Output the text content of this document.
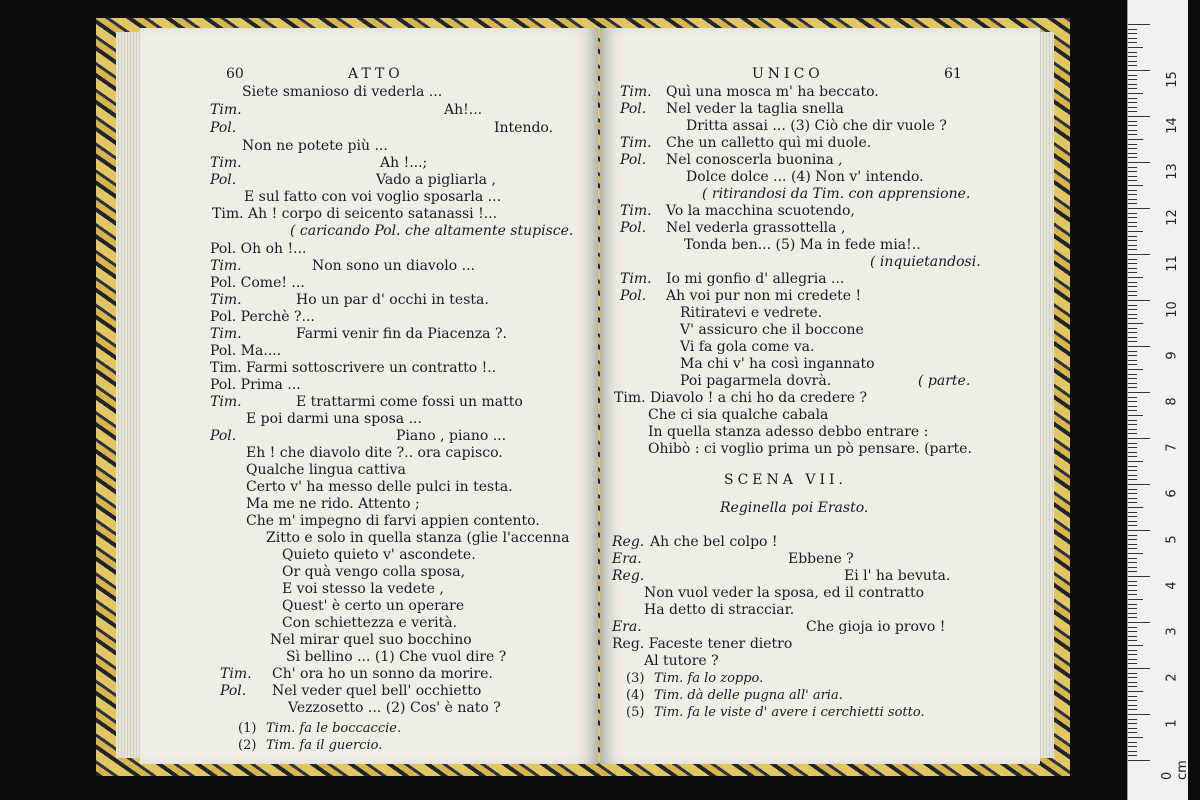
60	ATTO
Siete smanioso di vederla ...
Tim.	Ah!...
Pol.	Intendo.
Non ne potete più ...
Tim.	Ah !...;
Pol.	Vado a pigliarla ,
E sul fatto con voi voglio sposarla ...
Tim. Ah ! corpo di seicento satanassi !...
( caricando Pol. che altamente stupisce.
Pol. Oh oh !...
Tim.	Non sono un diavolo ...
Pol. Come! ...
Tim.	Ho un par d' occhi in testa.
Pol. Perchè ?...
Tim.	Farmi venir fin da Piacenza ?.
Pol. Ma....
Tim. Farmi sottoscrivere un contratto !..
Pol. Prima ...
Tim.	E trattarmi come fossi un matto
E poi darmi una sposa ...
Pol.	Piano , piano ...
Eh ! che diavolo dite ?.. ora capisco.
Qualche lingua cattiva
Certo v' ha messo delle pulci in testa.
Ma me ne rido. Attento ;
Che m' impegno di farvi appien contento.
Zitto e solo in quella stanza (glie l'accenna
Quieto quieto v' ascondete.
Or quà vengo colla sposa,
E voi stesso la vedete ,
Quest' è certo un operare
Con schiettezza e verità.
Nel mirar quel suo bocchino
Sì bellino ... (1) Che vuol dire ?
Tim. Ch' ora ho un sonno da morire.
Pol. Nel veder quel bell' occhietto
Vezzosetto ... (2) Cos' è nato ?
(1) Tim. fa le boccaccie.
(2) Tim. fa il guercio.
UNICO	61
Tim. Quì una mosca m' ha beccato.
Pol. Nel veder la taglia snella
Dritta assai ... (3) Ciò che dir vuole ?
Tim. Che un calletto quì mi duole.
Pol. Nel conoscerla buonina ,
Dolce dolce ... (4) Non v' intendo.
( ritirandosi da Tim. con apprensione.
Tim. Vo la macchina scuotendo,
Pol. Nel vederla grassottella ,
Tonda ben... (5) Ma in fede mia!..
( inquietandosi.
Tim. Io mi gonfio d' allegria ...
Pol. Ah voi pur non mi credete !
Ritiratevi e vedrete.
V' assicuro che il boccone
Vi fa gola come va.
Ma chi v' ha così ingannato
Poi pagarmela dovrà.	( parte.
Tim. Diavolo ! a chi ho da credere ?
Che ci sia qualche cabala
In quella stanza adesso debbo entrare :
Ohibò : ci voglio prima un pò pensare. (parte.
SCENA VII.
Reginella poi Erasto.
Reg. Ah che bel colpo !
Era.	Ebbene ?
Reg.	Ei l' ha bevuta.
Non vuol veder la sposa, ed il contratto
Ha detto di stracciar.
Era.	Che gioja io provo !
Reg. Faceste tener dietro
Al tutore ?
(3) Tim. fa lo zoppo.
(4) Tim. dà delle pugna all' aria.
(5) Tim. fa le viste d' avere i cerchietti sotto.
0 cm
1
2
3
4
5
6
7
8
9
10
11
12
13
14
15
